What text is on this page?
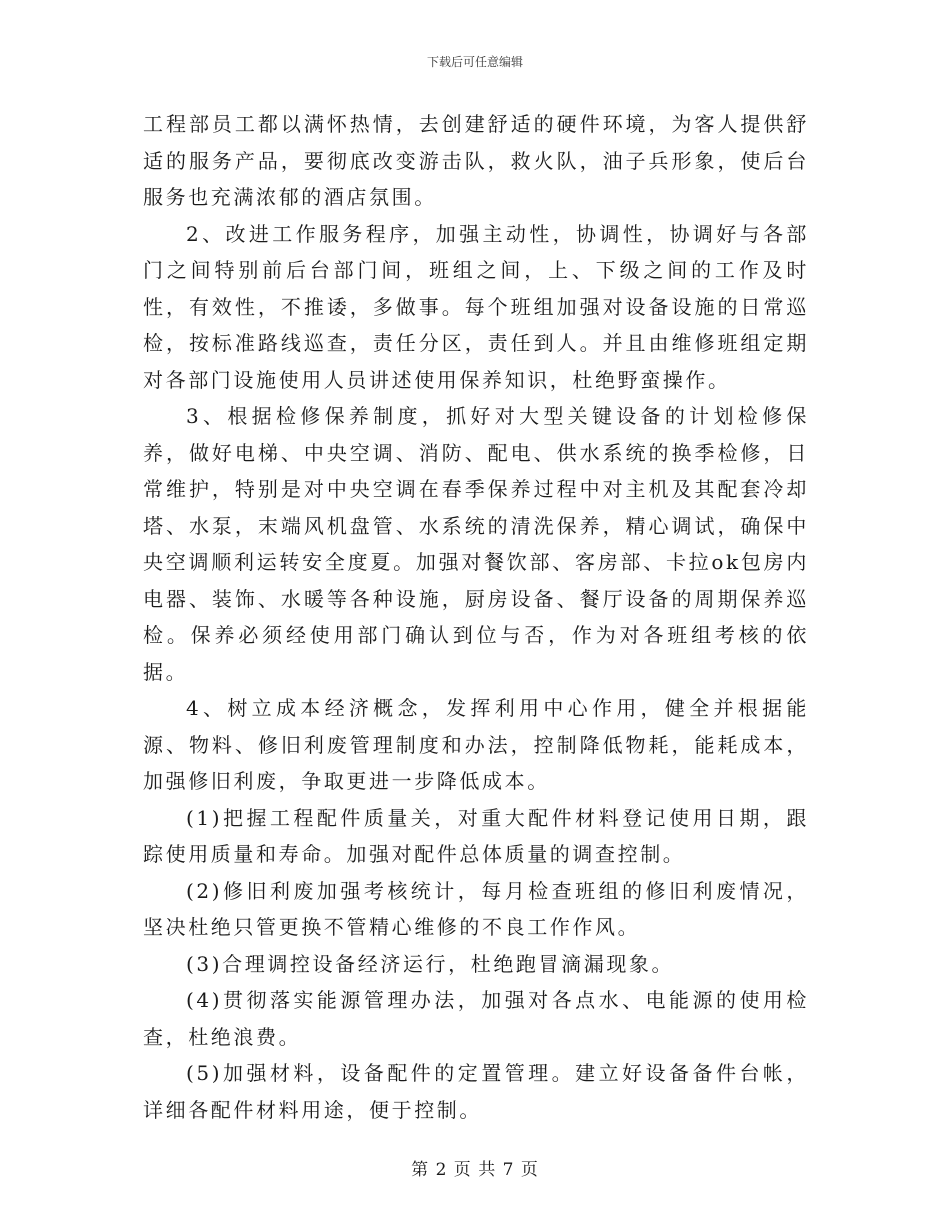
下载后可任意编辑

工程部员工都以满怀热情，去创建舒适的硬件环境，为客人提供舒适的服务产品，要彻底改变游击队，救火队，油子兵形象，使后台服务也充满浓郁的酒店氛围。

2、改进工作服务程序，加强主动性，协调性，协调好与各部门之间特别前后台部门间，班组之间，上、下级之间的工作及时性，有效性，不推诿，多做事。每个班组加强对设备设施的日常巡检，按标准路线巡查，责任分区，责任到人。并且由维修班组定期对各部门设施使用人员讲述使用保养知识，杜绝野蛮操作。

3、根据检修保养制度，抓好对大型关键设备的计划检修保养，做好电梯、中央空调、消防、配电、供水系统的换季检修，日常维护，特别是对中央空调在春季保养过程中对主机及其配套冷却塔、水泵，末端风机盘管、水系统的清洗保养，精心调试，确保中央空调顺利运转安全度夏。加强对餐饮部、客房部、卡拉ok包房内电器、装饰、水暖等各种设施，厨房设备、餐厅设备的周期保养巡检。保养必须经使用部门确认到位与否，作为对各班组考核的依据。

4、树立成本经济概念，发挥利用中心作用，健全并根据能源、物料、修旧利废管理制度和办法，控制降低物耗，能耗成本，加强修旧利废，争取更进一步降低成本。

(1)把握工程配件质量关，对重大配件材料登记使用日期，跟踪使用质量和寿命。加强对配件总体质量的调查控制。

(2)修旧利废加强考核统计，每月检查班组的修旧利废情况，坚决杜绝只管更换不管精心维修的不良工作作风。

(3)合理调控设备经济运行，杜绝跑冒滴漏现象。

(4)贯彻落实能源管理办法，加强对各点水、电能源的使用检查，杜绝浪费。

(5)加强材料，设备配件的定置管理。建立好设备备件台帐，详细各配件材料用途，便于控制。

第 2 页 共 7 页
